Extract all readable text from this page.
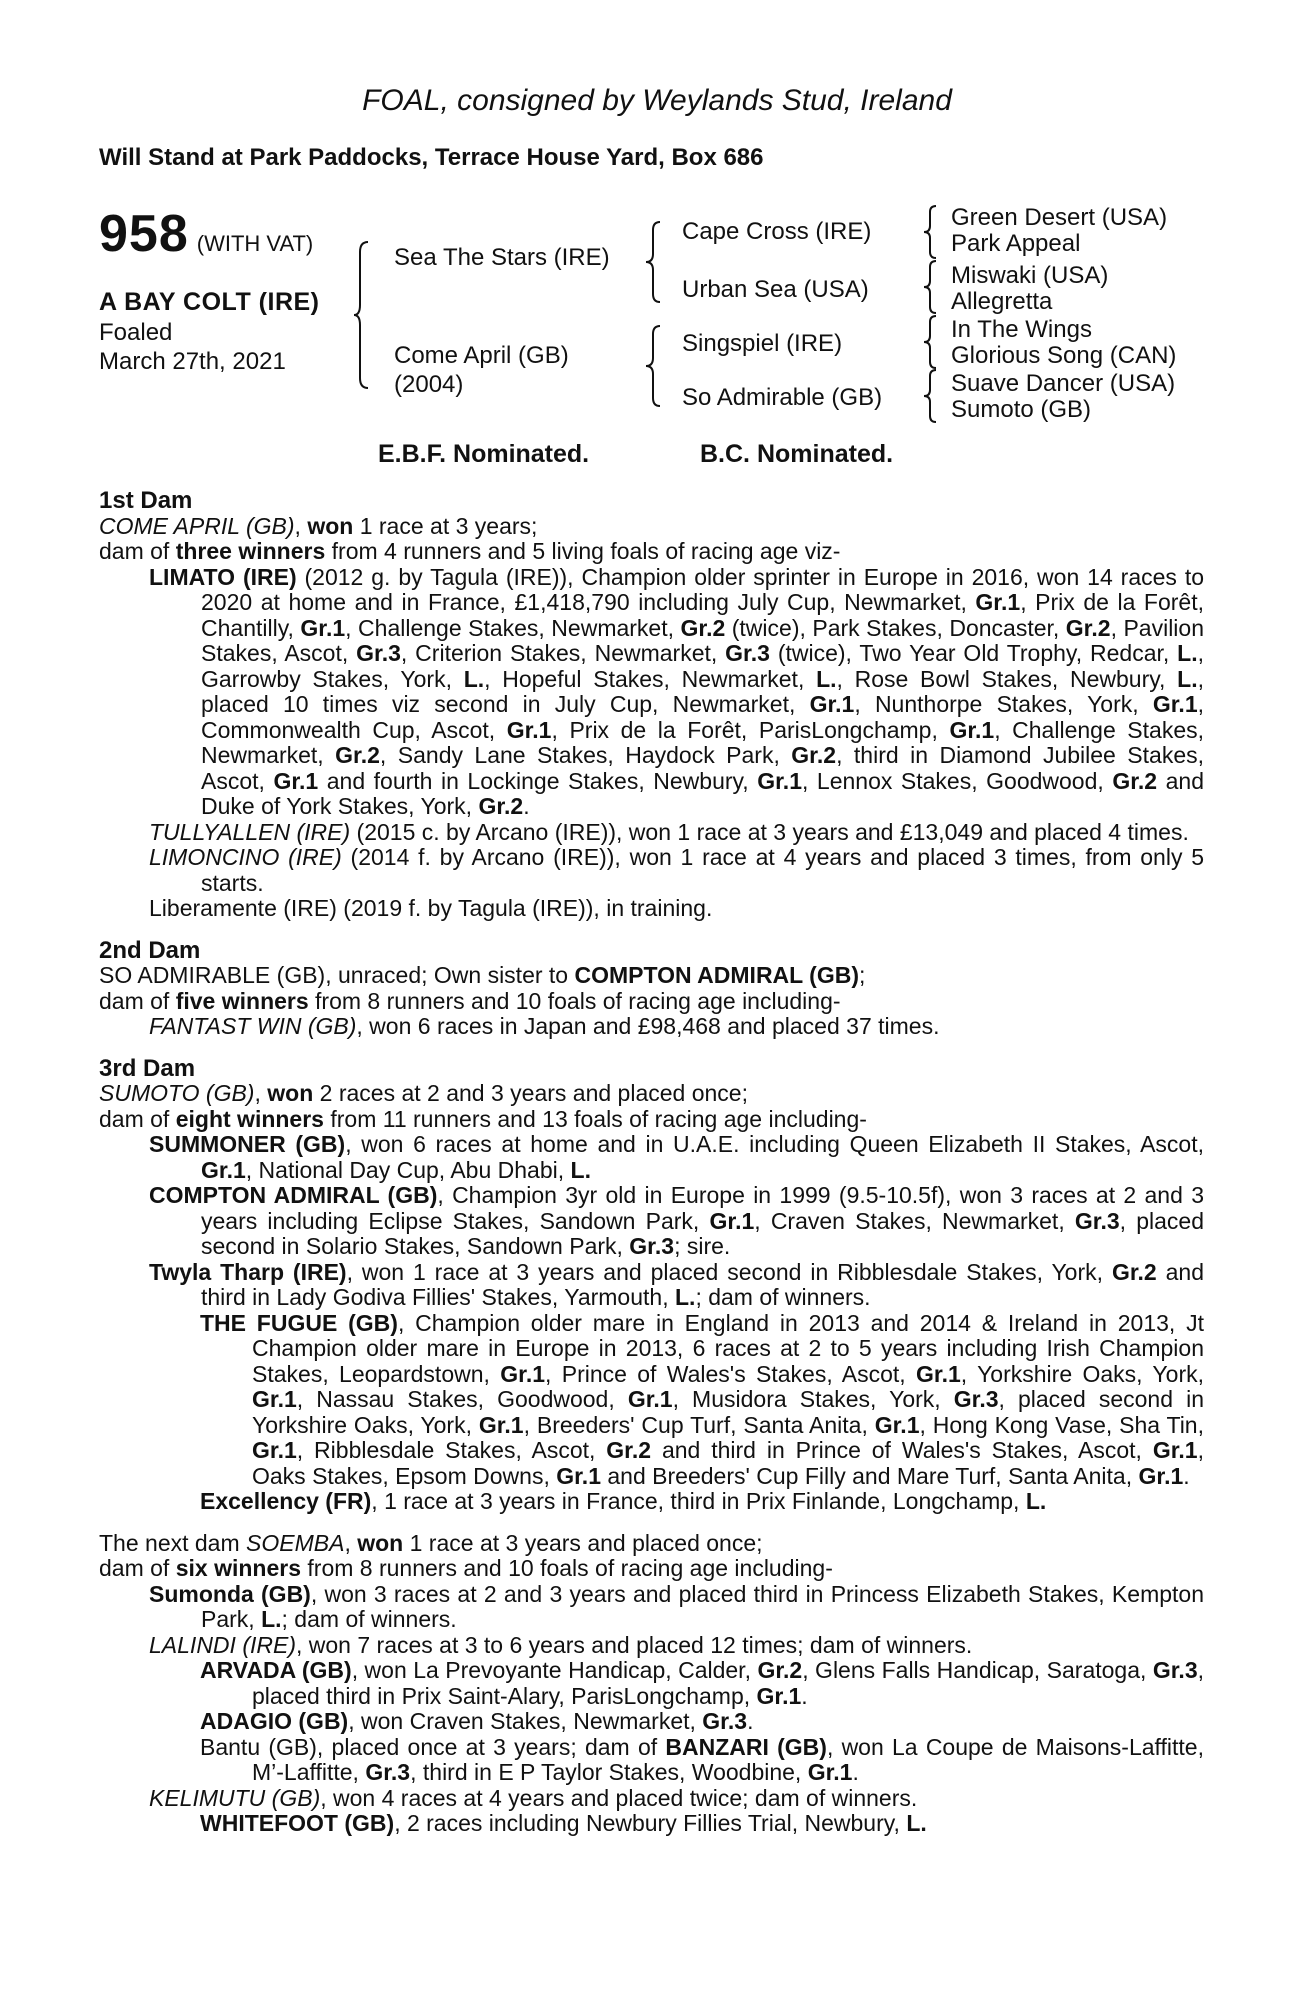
FOAL, consigned by Weylands Stud, Ireland
Will Stand at Park Paddocks, Terrace House Yard, Box 686
958 (WITH VAT)
A BAY COLT (IRE)
Foaled
March 27th, 2021
Sea The Stars (IRE)
Come April (GB)
(2004)
Cape Cross (IRE)
Urban Sea (USA)
Singspiel (IRE)
So Admirable (GB)
Green Desert (USA)
Park Appeal
Miswaki (USA)
Allegretta
In The Wings
Glorious Song (CAN)
Suave Dancer (USA)
Sumoto (GB)
E.B.F. Nominated.	B.C. Nominated.

1st Dam

COME APRIL (GB), won 1 race at 3 years;

dam of three winners from 4 runners and 5 living foals of racing age viz-

LIMATO (IRE) (2012 g. by Tagula (IRE)), Champion older sprinter in Europe in 2016, won 14 races to 2020 at home and in France, £1,418,790 including July Cup, Newmarket, Gr.1, Prix de la Forêt, Chantilly, Gr.1, Challenge Stakes, Newmarket, Gr.2 (twice), Park Stakes, Doncaster, Gr.2, Pavilion Stakes, Ascot, Gr.3, Criterion Stakes, Newmarket, Gr.3 (twice), Two Year Old Trophy, Redcar, L., Garrowby Stakes, York, L., Hopeful Stakes, Newmarket, L., Rose Bowl Stakes, Newbury, L., placed 10 times viz second in July Cup, Newmarket, Gr.1, Nunthorpe Stakes, York, Gr.1, Commonwealth Cup, Ascot, Gr.1, Prix de la Forêt, ParisLongchamp, Gr.1, Challenge Stakes, Newmarket, Gr.2, Sandy Lane Stakes, Haydock Park, Gr.2, third in Diamond Jubilee Stakes, Ascot, Gr.1 and fourth in Lockinge Stakes, Newbury, Gr.1, Lennox Stakes, Goodwood, Gr.2 and Duke of York Stakes, York, Gr.2.

TULLYALLEN (IRE) (2015 c. by Arcano (IRE)), won 1 race at 3 years and £13,049 and placed 4 times.

LIMONCINO (IRE) (2014 f. by Arcano (IRE)), won 1 race at 4 years and placed 3 times, from only 5 starts.

Liberamente (IRE) (2019 f. by Tagula (IRE)), in training.

2nd Dam

SO ADMIRABLE (GB), unraced; Own sister to COMPTON ADMIRAL (GB);

dam of five winners from 8 runners and 10 foals of racing age including-

FANTAST WIN (GB), won 6 races in Japan and £98,468 and placed 37 times.

3rd Dam

SUMOTO (GB), won 2 races at 2 and 3 years and placed once;

dam of eight winners from 11 runners and 13 foals of racing age including-

SUMMONER (GB), won 6 races at home and in U.A.E. including Queen Elizabeth II Stakes, Ascot, Gr.1, National Day Cup, Abu Dhabi, L.

COMPTON ADMIRAL (GB), Champion 3yr old in Europe in 1999 (9.5-10.5f), won 3 races at 2 and 3 years including Eclipse Stakes, Sandown Park, Gr.1, Craven Stakes, Newmarket, Gr.3, placed second in Solario Stakes, Sandown Park, Gr.3; sire.

Twyla Tharp (IRE), won 1 race at 3 years and placed second in Ribblesdale Stakes, York, Gr.2 and third in Lady Godiva Fillies' Stakes, Yarmouth, L.; dam of winners.

THE FUGUE (GB), Champion older mare in England in 2013 and 2014 & Ireland in 2013, Jt Champion older mare in Europe in 2013, 6 races at 2 to 5 years including Irish Champion Stakes, Leopardstown, Gr.1, Prince of Wales's Stakes, Ascot, Gr.1, Yorkshire Oaks, York, Gr.1, Nassau Stakes, Goodwood, Gr.1, Musidora Stakes, York, Gr.3, placed second in Yorkshire Oaks, York, Gr.1, Breeders' Cup Turf, Santa Anita, Gr.1, Hong Kong Vase, Sha Tin, Gr.1, Ribblesdale Stakes, Ascot, Gr.2 and third in Prince of Wales's Stakes, Ascot, Gr.1, Oaks Stakes, Epsom Downs, Gr.1 and Breeders' Cup Filly and Mare Turf, Santa Anita, Gr.1.

Excellency (FR), 1 race at 3 years in France, third in Prix Finlande, Longchamp, L.

The next dam SOEMBA, won 1 race at 3 years and placed once;

dam of six winners from 8 runners and 10 foals of racing age including-

Sumonda (GB), won 3 races at 2 and 3 years and placed third in Princess Elizabeth Stakes, Kempton Park, L.; dam of winners.

LALINDI (IRE), won 7 races at 3 to 6 years and placed 12 times; dam of winners.

ARVADA (GB), won La Prevoyante Handicap, Calder, Gr.2, Glens Falls Handicap, Saratoga, Gr.3, placed third in Prix Saint-Alary, ParisLongchamp, Gr.1.

ADAGIO (GB), won Craven Stakes, Newmarket, Gr.3.

Bantu (GB), placed once at 3 years; dam of BANZARI (GB), won La Coupe de Maisons-Laffitte, M’-Laffitte, Gr.3, third in E P Taylor Stakes, Woodbine, Gr.1.

KELIMUTU (GB), won 4 races at 4 years and placed twice; dam of winners.

WHITEFOOT (GB), 2 races including Newbury Fillies Trial, Newbury, L.
